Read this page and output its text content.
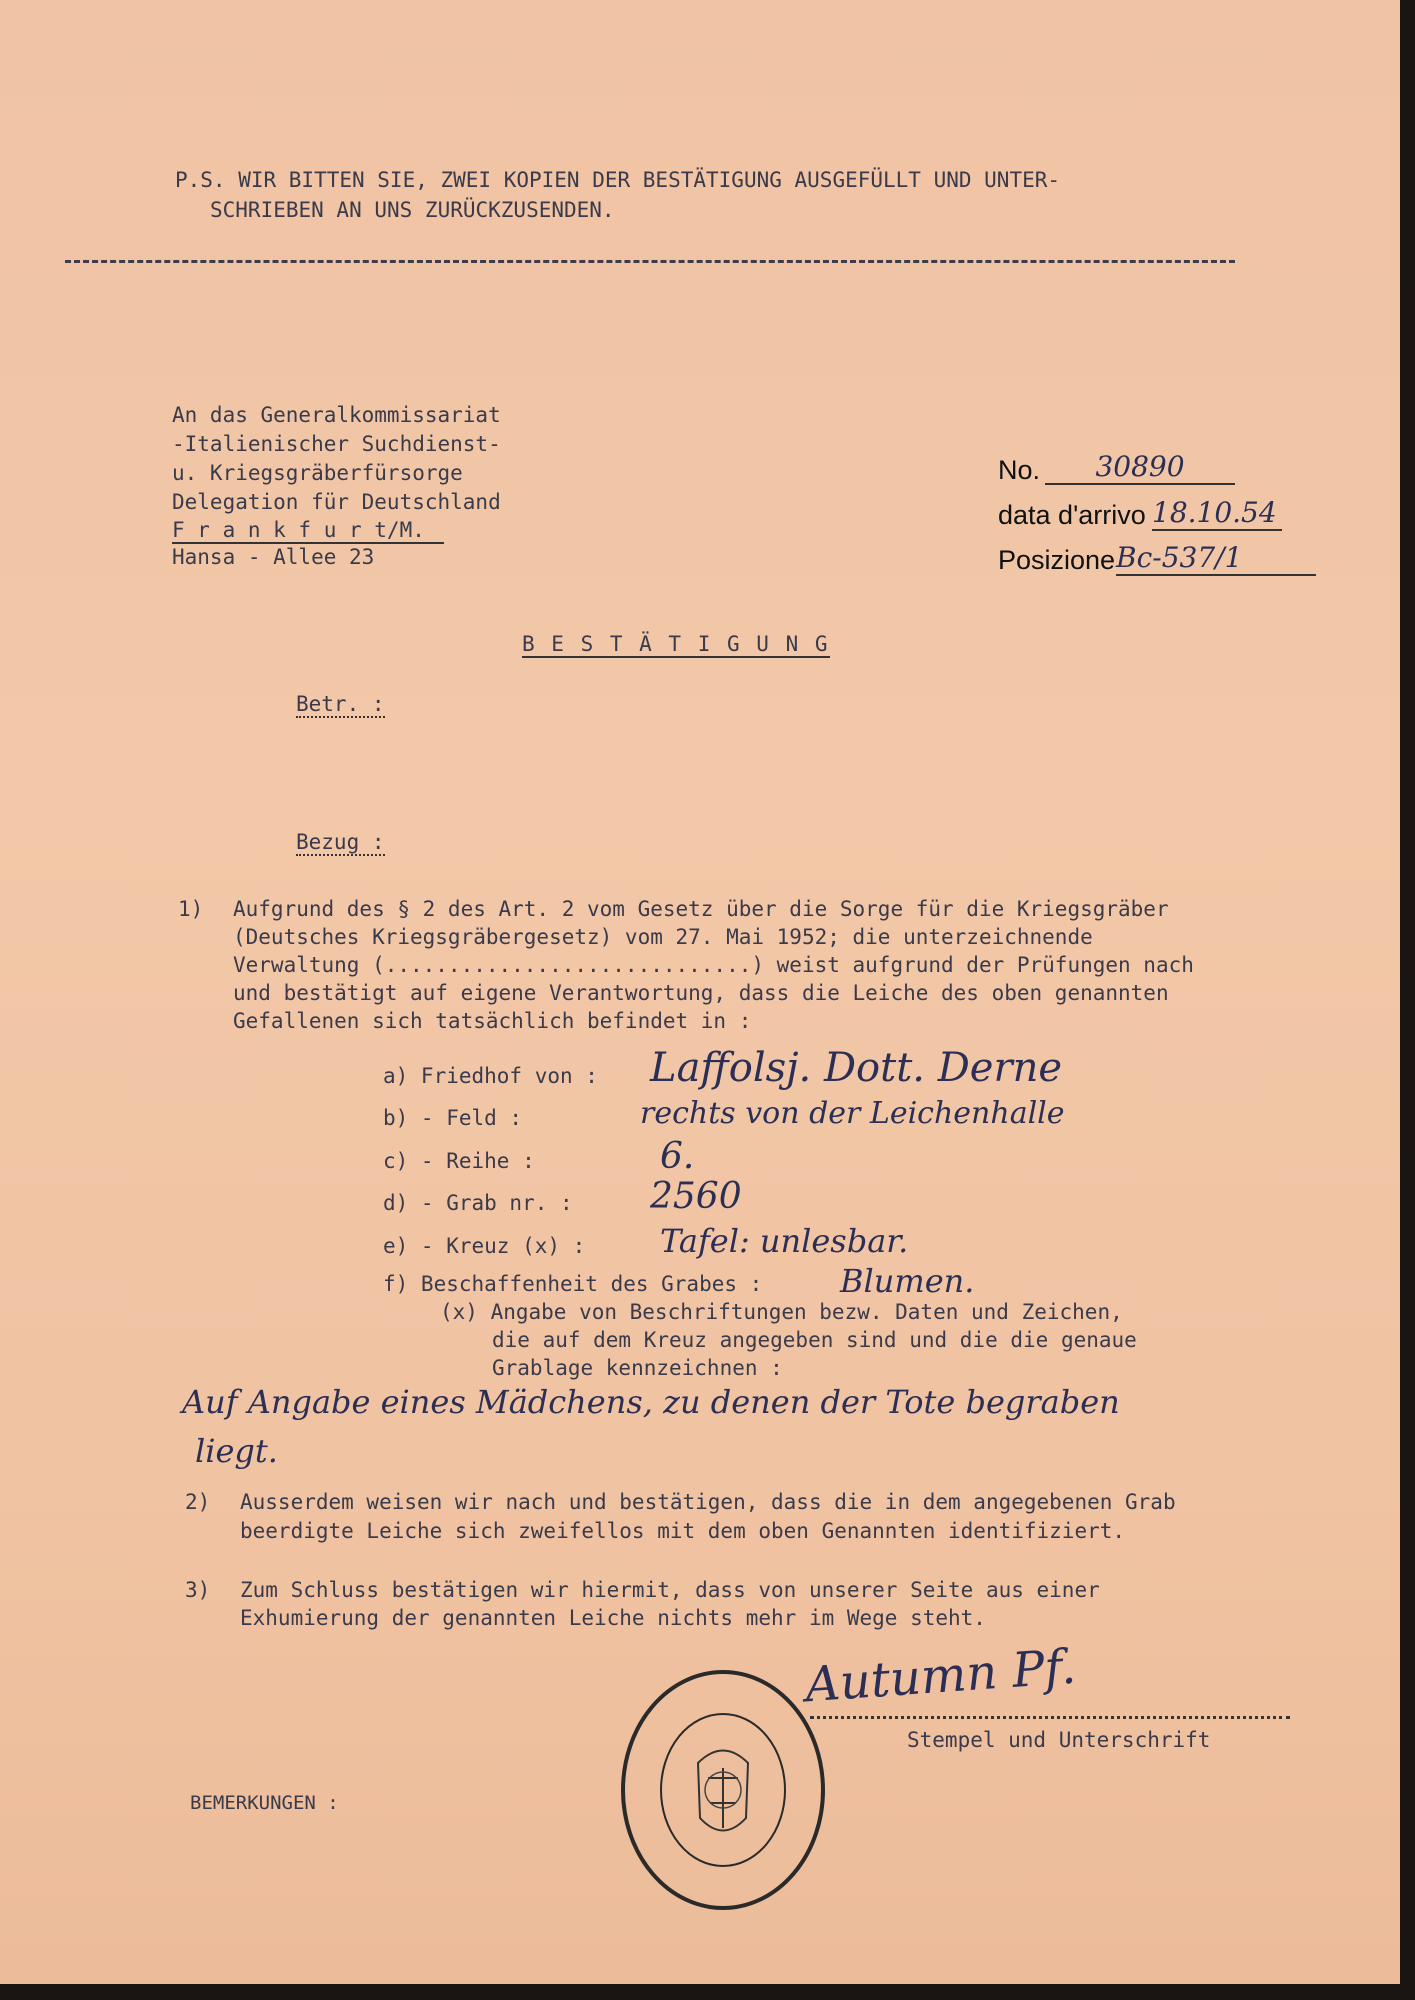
P.S. WIR BITTEN SIE, ZWEI KOPIEN DER BESTÄTIGUNG AUSGEFÜLLT UND UNTER-
SCHRIEBEN AN UNS ZURÜCKZUSENDEN.
An das Generalkommissariat
-Italienischer Suchdienst-
u. Kriegsgräberfürsorge
Delegation für Deutschland
F r a n k f u r t/M.
Hansa - Allee 23
No.	30890
data d'arrivo 18.10.54
Posizione Bc-537/1
B E S T Ä T I G U N G
Betr. :
Bezug :
1) Aufgrund des § 2 des Art. 2 vom Gesetz über die Sorge für die Kriegsgräber
(Deutsches Kriegsgräbergesetz) vom 27. Mai 1952; die unterzeichnende
Verwaltung (.............................) weist aufgrund der Prüfungen nach
und bestätigt auf eigene Verantwortung, dass die Leiche des oben genannten
Gefallenen sich tatsächlich befindet in :
a) Friedhof von : Laffolsj. Dott. Derne
b) - Feld :	rechts von der Leichenhalle
c) - Reihe :	6.
d) - Grab nr. : 2560
e) - Kreuz (x) : Tafel: unlesbar.
f) Beschaffenheit des Grabes : Blumen.
(x) Angabe von Beschriftungen bezw. Daten und Zeichen,
die auf dem Kreuz angegeben sind und die die genaue
Grablage kennzeichnen :
Auf Angabe eines Mädchens, zu denen der Tote begraben
liegt.
2) Ausserdem weisen wir nach und bestätigen, dass die in dem angegebenen Grab
beerdigte Leiche sich zweifellos mit dem oben Genannten identifiziert.
3) Zum Schluss bestätigen wir hiermit, dass von unserer Seite aus einer
Exhumierung der genannten Leiche nichts mehr im Wege steht.
Autumn Pf.
Stempel und Unterschrift
BEMERKUNGEN :
